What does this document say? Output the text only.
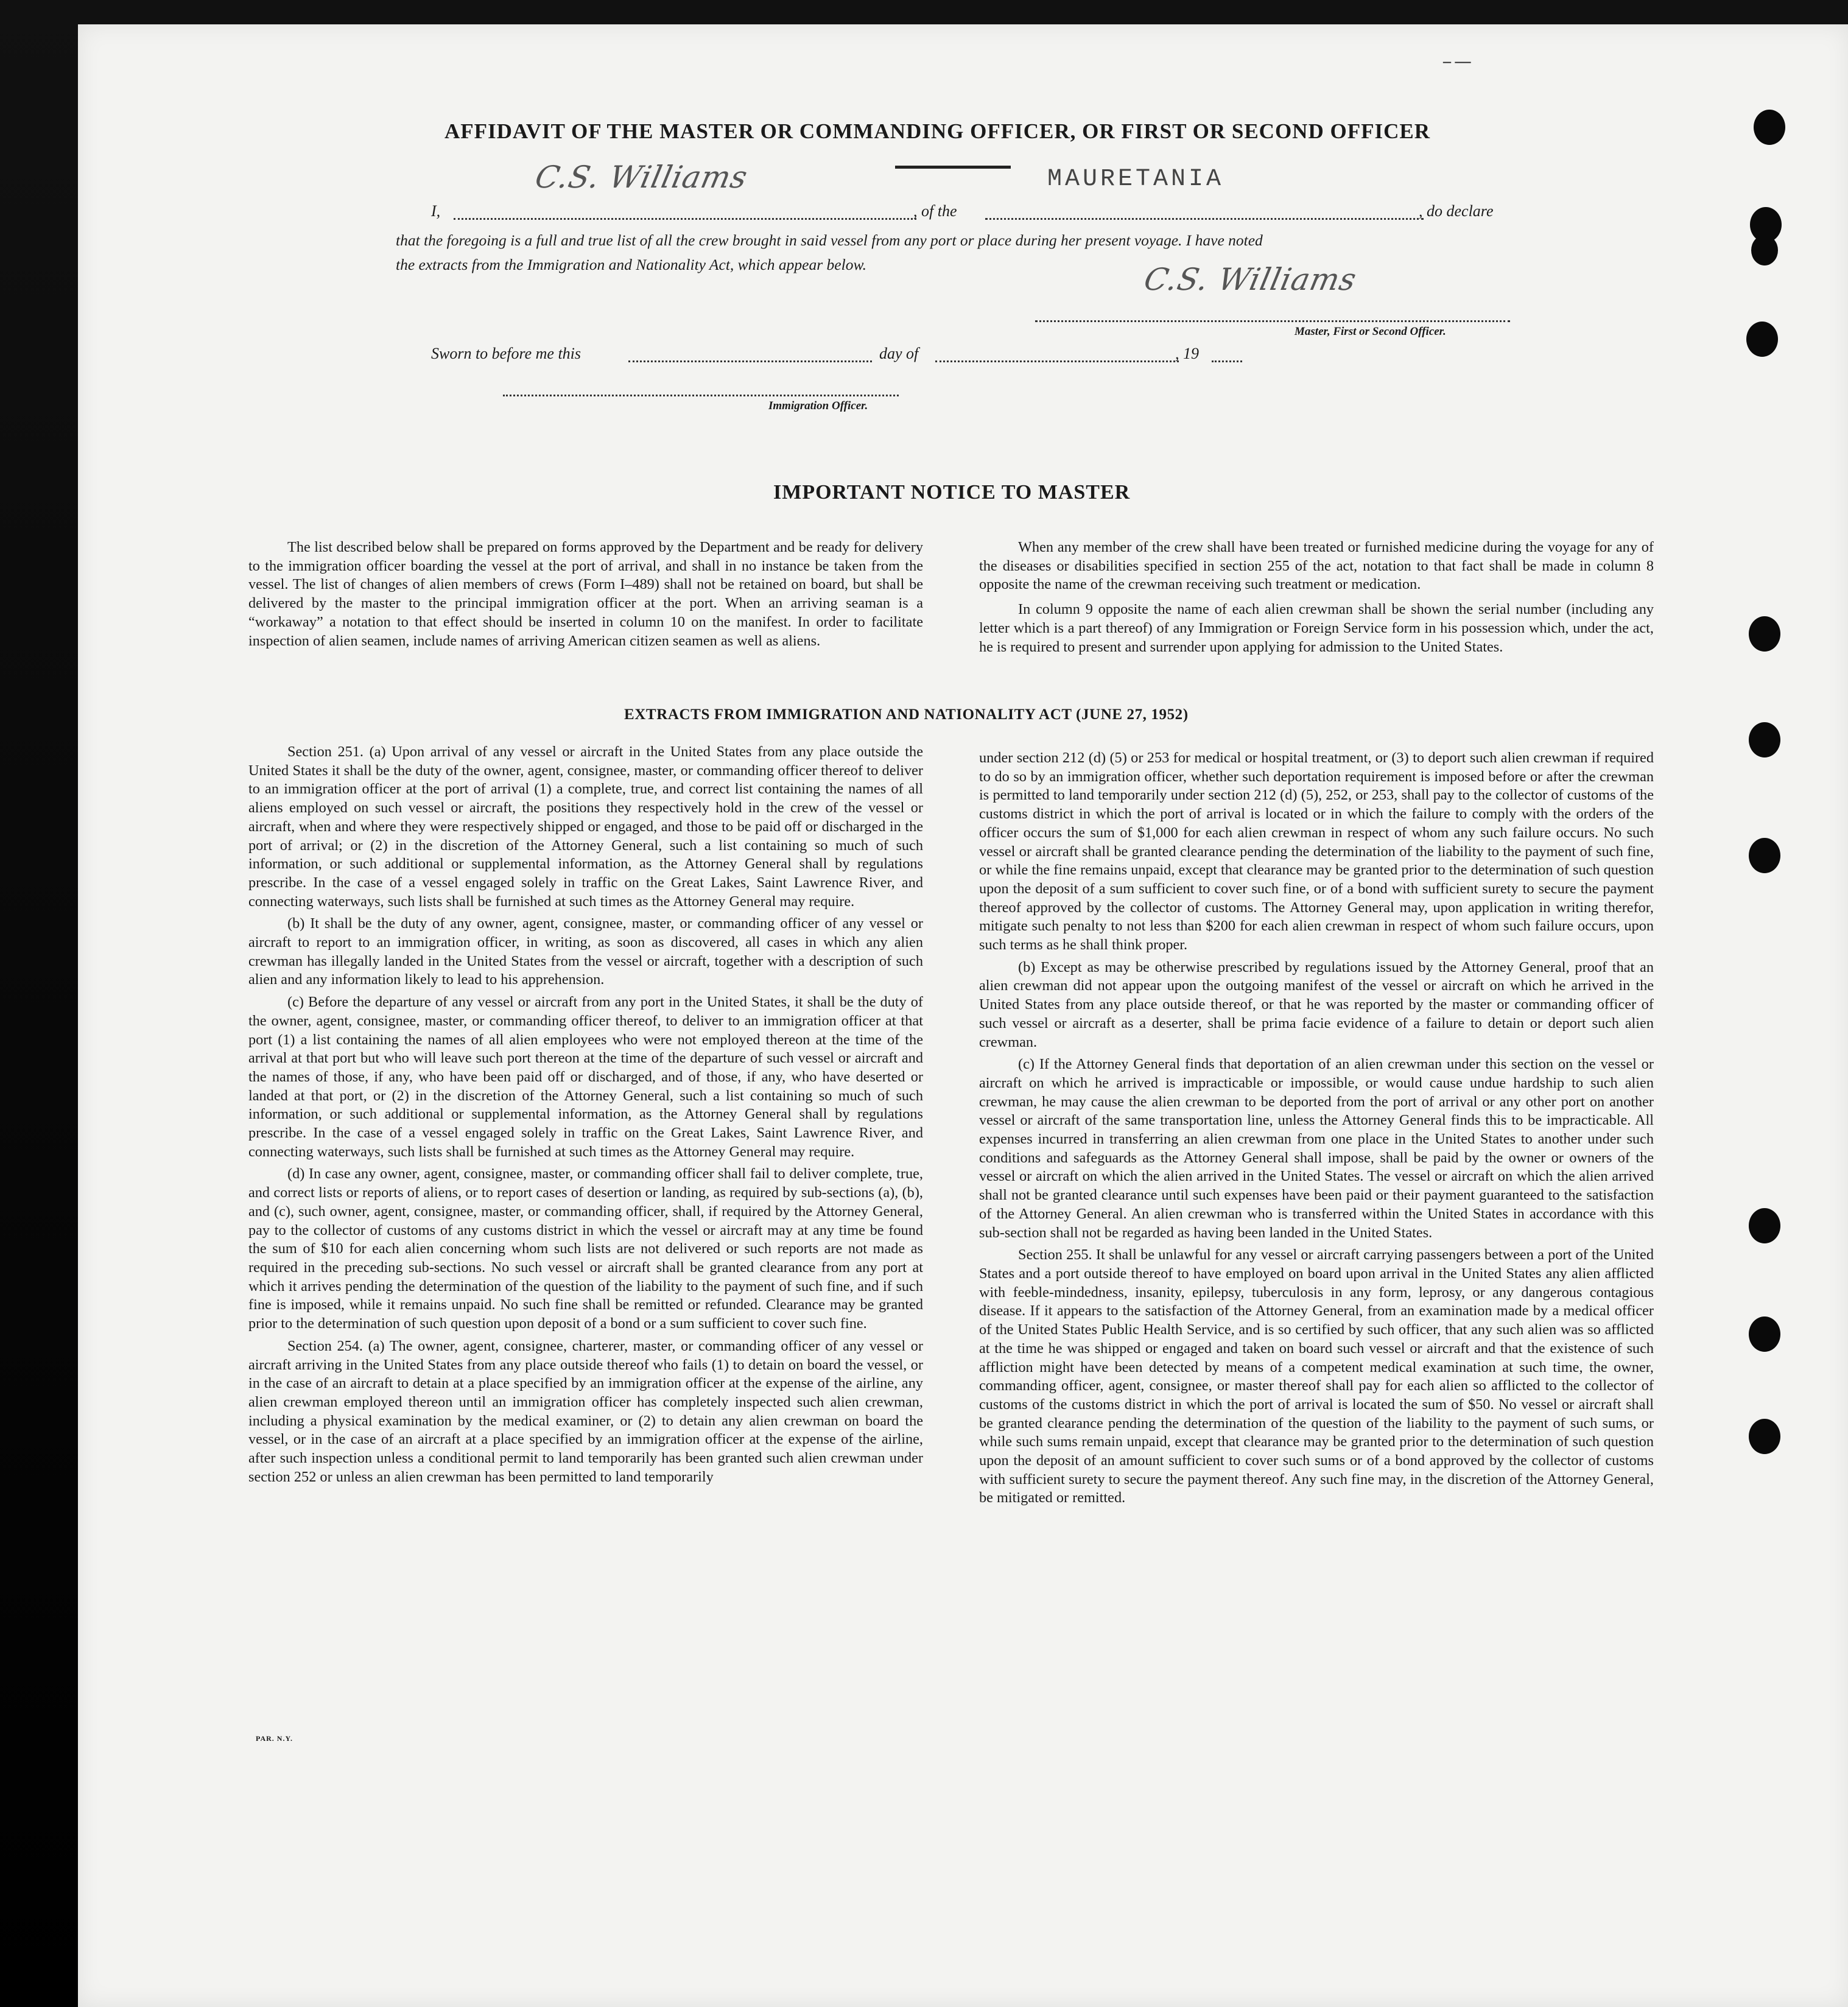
– —
AFFIDAVIT OF THE MASTER OR COMMANDING OFFICER, OR FIRST OR SECOND OFFICER
MAURETANIA
C.S. Williams
I,	, of the	, do declare
that the foregoing is a full and true list of all the crew brought in said vessel from any port or place during her present voyage. I have noted
the extracts from the Immigration and Nationality Act, which appear below.	C.S. Williams
Master, First or Second Officer.
Sworn to before me this	day of	, 19
Immigration Officer.
IMPORTANT NOTICE TO MASTER

The list described below shall be prepared on forms approved by the Department and be ready for delivery to the immigration officer boarding the vessel at the port of arrival, and shall in no instance be taken from the vessel. The list of changes of alien members of crews (Form I–489) shall not be retained on board, but shall be delivered by the master to the principal immigration officer at the port. When an arriving seaman is a “workaway” a notation to that effect should be inserted in column 10 on the manifest. In order to facilitate inspection of alien seamen, include names of arriving American citizen seamen as well as aliens.

When any member of the crew shall have been treated or furnished medicine during the voyage for any of the diseases or disabilities specified in section 255 of the act, notation to that fact shall be made in column 8 opposite the name of the crewman receiving such treatment or medication.

In column 9 opposite the name of each alien crewman shall be shown the serial number (including any letter which is a part thereof) of any Immigration or Foreign Service form in his possession which, under the act, he is required to present and surrender upon applying for admission to the United States.

EXTRACTS FROM IMMIGRATION AND NATIONALITY ACT (JUNE 27, 1952)

Section 251. (a) Upon arrival of any vessel or aircraft in the United States from any place outside the United States it shall be the duty of the owner, agent, consignee, master, or commanding officer thereof to deliver to an immigration officer at the port of arrival (1) a complete, true, and correct list containing the names of all aliens employed on such vessel or aircraft, the positions they respectively hold in the crew of the vessel or aircraft, when and where they were respectively shipped or engaged, and those to be paid off or discharged in the port of arrival; or (2) in the discretion of the Attorney General, such a list containing so much of such information, or such additional or supplemental information, as the Attorney General shall by regulations prescribe. In the case of a vessel engaged solely in traffic on the Great Lakes, Saint Lawrence River, and connecting waterways, such lists shall be furnished at such times as the Attorney General may require.

(b) It shall be the duty of any owner, agent, consignee, master, or commanding officer of any vessel or aircraft to report to an immigration officer, in writing, as soon as discovered, all cases in which any alien crewman has illegally landed in the United States from the vessel or aircraft, together with a description of such alien and any information likely to lead to his apprehension.

(c) Before the departure of any vessel or aircraft from any port in the United States, it shall be the duty of the owner, agent, consignee, master, or commanding officer thereof, to deliver to an immigration officer at that port (1) a list containing the names of all alien employees who were not employed thereon at the time of the arrival at that port but who will leave such port thereon at the time of the departure of such vessel or aircraft and the names of those, if any, who have been paid off or discharged, and of those, if any, who have deserted or landed at that port, or (2) in the discretion of the Attorney General, such a list containing so much of such information, or such additional or supplemental information, as the Attorney General shall by regulations prescribe. In the case of a vessel engaged solely in traffic on the Great Lakes, Saint Lawrence River, and connecting waterways, such lists shall be furnished at such times as the Attorney General may require.

(d) In case any owner, agent, consignee, master, or commanding officer shall fail to deliver complete, true, and correct lists or reports of aliens, or to report cases of desertion or landing, as required by sub-sections (a), (b), and (c), such owner, agent, consignee, master, or commanding officer, shall, if required by the Attorney General, pay to the collector of customs of any customs district in which the vessel or aircraft may at any time be found the sum of $10 for each alien concerning whom such lists are not delivered or such reports are not made as required in the preceding sub-sections. No such vessel or aircraft shall be granted clearance from any port at which it arrives pending the determination of the question of the liability to the payment of such fine, and if such fine is imposed, while it remains unpaid. No such fine shall be remitted or refunded. Clearance may be granted prior to the determination of such question upon deposit of a bond or a sum sufficient to cover such fine.

Section 254. (a) The owner, agent, consignee, charterer, master, or commanding officer of any vessel or aircraft arriving in the United States from any place outside thereof who fails (1) to detain on board the vessel, or in the case of an aircraft to detain at a place specified by an immigration officer at the expense of the airline, any alien crewman employed thereon until an immigration officer has completely inspected such alien crewman, including a physical examination by the medical examiner, or (2) to detain any alien crewman on board the vessel, or in the case of an aircraft at a place specified by an immigration officer at the expense of the airline, after such inspection unless a conditional permit to land temporarily has been granted such alien crewman under section 252 or unless an alien crewman has been permitted to land temporarily

under section 212 (d) (5) or 253 for medical or hospital treatment, or (3) to deport such alien crewman if required to do so by an immigration officer, whether such deportation requirement is imposed before or after the crewman is permitted to land temporarily under section 212 (d) (5), 252, or 253, shall pay to the collector of customs of the customs district in which the port of arrival is located or in which the failure to comply with the orders of the officer occurs the sum of $1,000 for each alien crewman in respect of whom any such failure occurs. No such vessel or aircraft shall be granted clearance pending the determination of the liability to the payment of such fine, or while the fine remains unpaid, except that clearance may be granted prior to the determination of such question upon the deposit of a sum sufficient to cover such fine, or of a bond with sufficient surety to secure the payment thereof approved by the collector of customs. The Attorney General may, upon application in writing therefor, mitigate such penalty to not less than $200 for each alien crewman in respect of whom such failure occurs, upon such terms as he shall think proper.

(b) Except as may be otherwise prescribed by regulations issued by the Attorney General, proof that an alien crewman did not appear upon the outgoing manifest of the vessel or aircraft on which he arrived in the United States from any place outside thereof, or that he was reported by the master or commanding officer of such vessel or aircraft as a deserter, shall be prima facie evidence of a failure to detain or deport such alien crewman.

(c) If the Attorney General finds that deportation of an alien crewman under this section on the vessel or aircraft on which he arrived is impracticable or impossible, or would cause undue hardship to such alien crewman, he may cause the alien crewman to be deported from the port of arrival or any other port on another vessel or aircraft of the same transportation line, unless the Attorney General finds this to be impracticable. All expenses incurred in transferring an alien crewman from one place in the United States to another under such conditions and safeguards as the Attorney General shall impose, shall be paid by the owner or owners of the vessel or aircraft on which the alien arrived in the United States. The vessel or aircraft on which the alien arrived shall not be granted clearance until such expenses have been paid or their payment guaranteed to the satisfaction of the Attorney General. An alien crewman who is transferred within the United States in accordance with this sub-section shall not be regarded as having been landed in the United States.

Section 255. It shall be unlawful for any vessel or aircraft carrying passengers between a port of the United States and a port outside thereof to have employed on board upon arrival in the United States any alien afflicted with feeble-mindedness, insanity, epilepsy, tuberculosis in any form, leprosy, or any dangerous contagious disease. If it appears to the satisfaction of the Attorney General, from an examination made by a medical officer of the United States Public Health Service, and is so certified by such officer, that any such alien was so afflicted at the time he was shipped or engaged and taken on board such vessel or aircraft and that the existence of such affliction might have been detected by means of a competent medical examination at such time, the owner, commanding officer, agent, consignee, or master thereof shall pay for each alien so afflicted to the collector of customs of the customs district in which the port of arrival is located the sum of $50. No vessel or aircraft shall be granted clearance pending the determination of the question of the liability to the payment of such sums, or while such sums remain unpaid, except that clearance may be granted prior to the determination of such question upon the deposit of an amount sufficient to cover such sums or of a bond approved by the collector of customs with sufficient surety to secure the payment thereof. Any such fine may, in the discretion of the Attorney General, be mitigated or remitted.

PAR. N.Y.
